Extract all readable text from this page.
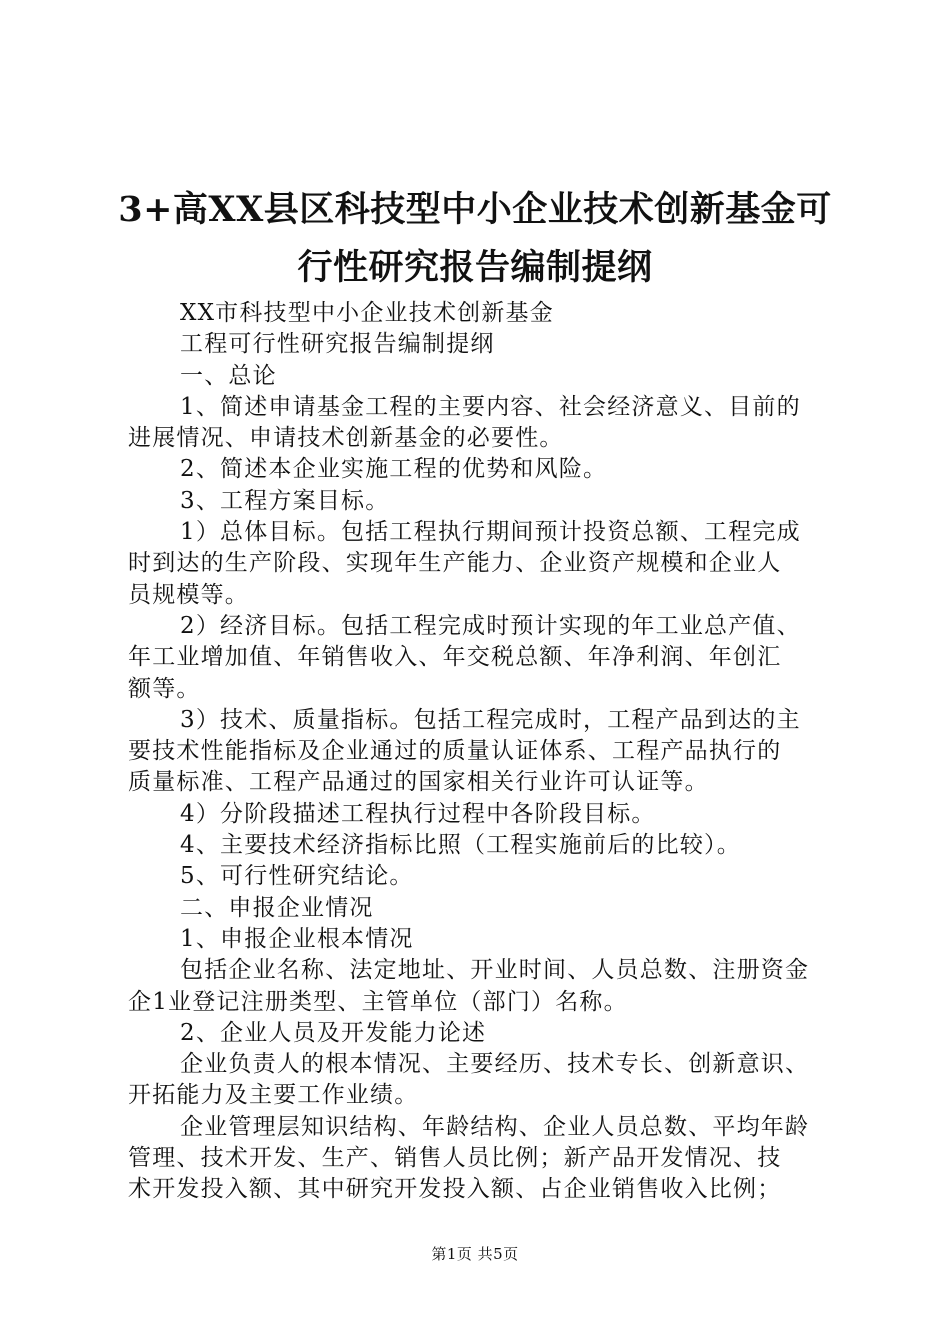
3+高XX县区科技型中小企业技术创新基金可
行性研究报告编制提纲
XX市科技型中小企业技术创新基金
工程可行性研究报告编制提纲
一、总论
1、简述申请基金工程的主要内容、社会经济意义、目前的
进展情况、申请技术创新基金的必要性。
2、简述本企业实施工程的优势和风险。
3、工程方案目标。
1）总体目标。包括工程执行期间预计投资总额、工程完成
时到达的生产阶段、实现年生产能力、企业资产规模和企业人
员规模等。
2）经济目标。包括工程完成时预计实现的年工业总产值、
年工业增加值、年销售收入、年交税总额、年净利润、年创汇
额等。
3）技术、质量指标。包括工程完成时，工程产品到达的主
要技术性能指标及企业通过的质量认证体系、工程产品执行的
质量标准、工程产品通过的国家相关行业许可认证等。
4）分阶段描述工程执行过程中各阶段目标。
4、主要技术经济指标比照（工程实施前后的比较）。
5、可行性研究结论。
二、申报企业情况
1、申报企业根本情况
包括企业名称、法定地址、开业时间、人员总数、注册资金
企1业登记注册类型、主管单位（部门）名称。
2、企业人员及开发能力论述
企业负责人的根本情况、主要经历、技术专长、创新意识、
开拓能力及主要工作业绩。
企业管理层知识结构、年龄结构、企业人员总数、平均年龄
管理、技术开发、生产、销售人员比例；新产品开发情况、技
术开发投入额、其中研究开发投入额、占企业销售收入比例；
第1页 共5页
